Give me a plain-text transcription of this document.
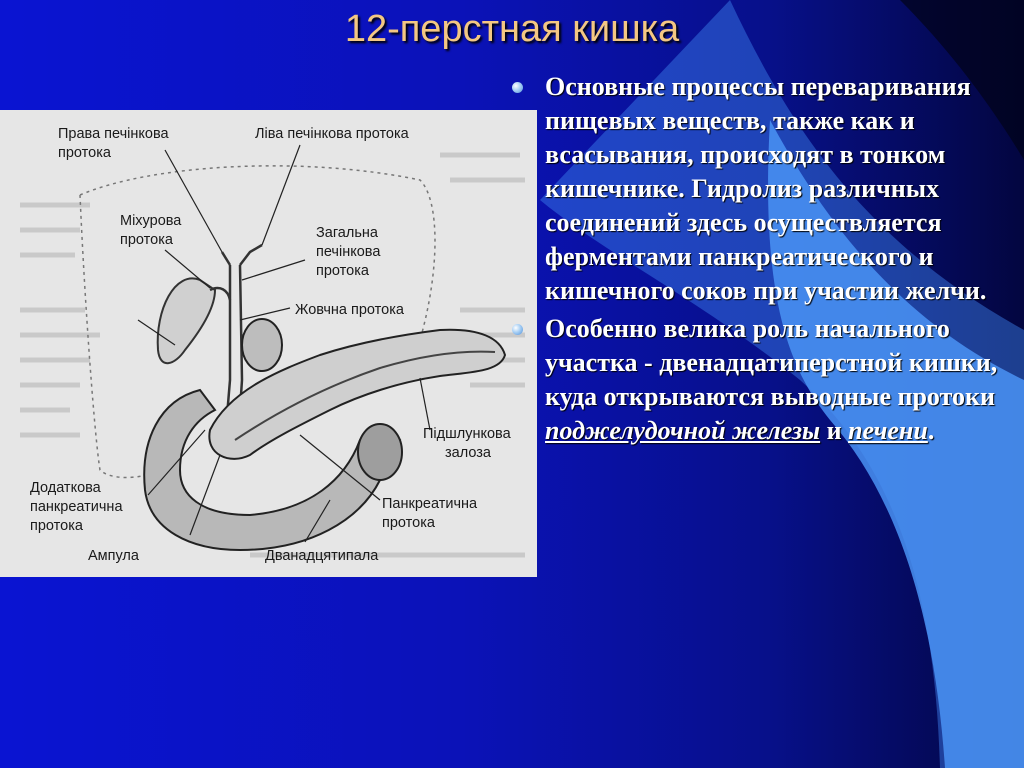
12-перстная кишка
Права печінкова
протока
Ліва печінкова протока
Міхурова
протока	Загальна
печінкова
протока
Жовчна протока
Підшлункова
залоза
Додаткова
панкреатична
протока
Панкреатична
протока
Ампула	Дванадцятипала
Основные процессы переваривания пищевых веществ, также как и всасывания, происходят в тонком кишечнике. Гидролиз различных соединений здесь осуществляется ферментами панкреатического и кишечного соков при участии желчи.
Особенно велика роль начального участка - двенадцатиперстной кишки, куда открываются выводные протоки поджелудочной железы и печени.
